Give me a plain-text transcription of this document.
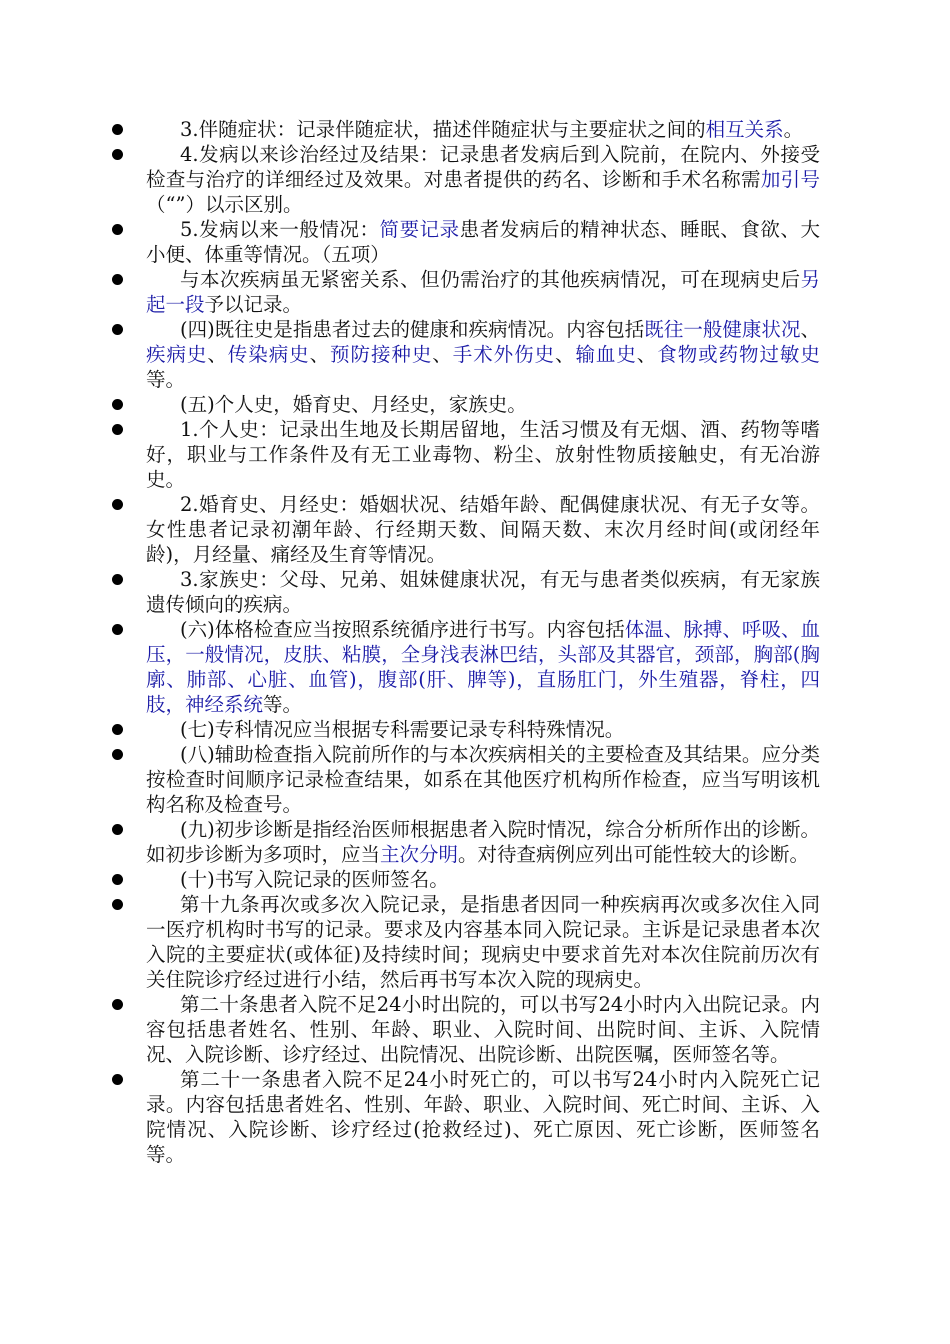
3.伴随症状：记录伴随症状，描述伴随症状与主要症状之间的相互关系。
4.发病以来诊治经过及结果：记录患者发病后到入院前，在院内、外接受检查与治疗的详细经过及效果。对患者提供的药名、诊断和手术名称需加引号（“”）以示区别。
5.发病以来一般情况：简要记录患者发病后的精神状态、睡眠、食欲、大小便、体重等情况。（五项）
与本次疾病虽无紧密关系、但仍需治疗的其他疾病情况，可在现病史后另起一段予以记录。
(四)既往史是指患者过去的健康和疾病情况。内容包括既往一般健康状况、疾病史、传染病史、预防接种史、手术外伤史、输血史、食物或药物过敏史等。
(五)个人史，婚育史、月经史，家族史。
1.个人史：记录出生地及长期居留地，生活习惯及有无烟、酒、药物等嗜好，职业与工作条件及有无工业毒物、粉尘、放射性物质接触史，有无冶游史。
2.婚育史、月经史：婚姻状况、结婚年龄、配偶健康状况、有无子女等。女性患者记录初潮年龄、行经期天数、间隔天数、末次月经时间(或闭经年龄)，月经量、痛经及生育等情况。
3.家族史：父母、兄弟、姐妹健康状况，有无与患者类似疾病，有无家族遗传倾向的疾病。
(六)体格检查应当按照系统循序进行书写。内容包括体温、脉搏、呼吸、血压，一般情况，皮肤、粘膜，全身浅表淋巴结，头部及其器官，颈部，胸部(胸廓、肺部、心脏、血管)，腹部(肝、脾等)，直肠肛门，外生殖器，脊柱，四肢，神经系统等。
(七)专科情况应当根据专科需要记录专科特殊情况。
(八)辅助检查指入院前所作的与本次疾病相关的主要检查及其结果。应分类按检查时间顺序记录检查结果，如系在其他医疗机构所作检查，应当写明该机构名称及检查号。
(九)初步诊断是指经治医师根据患者入院时情况，综合分析所作出的诊断。如初步诊断为多项时，应当主次分明。对待查病例应列出可能性较大的诊断。
(十)书写入院记录的医师签名。
第十九条再次或多次入院记录，是指患者因同一种疾病再次或多次住入同一医疗机构时书写的记录。要求及内容基本同入院记录。主诉是记录患者本次入院的主要症状(或体征)及持续时间；现病史中要求首先对本次住院前历次有关住院诊疗经过进行小结，然后再书写本次入院的现病史。
第二十条患者入院不足24小时出院的，可以书写24小时内入出院记录。内容包括患者姓名、性别、年龄、职业、入院时间、出院时间、主诉、入院情况、入院诊断、诊疗经过、出院情况、出院诊断、出院医嘱，医师签名等。
第二十一条患者入院不足24小时死亡的，可以书写24小时内入院死亡记录。内容包括患者姓名、性别、年龄、职业、入院时间、死亡时间、主诉、入院情况、入院诊断、诊疗经过(抢救经过)、死亡原因、死亡诊断，医师签名等。
